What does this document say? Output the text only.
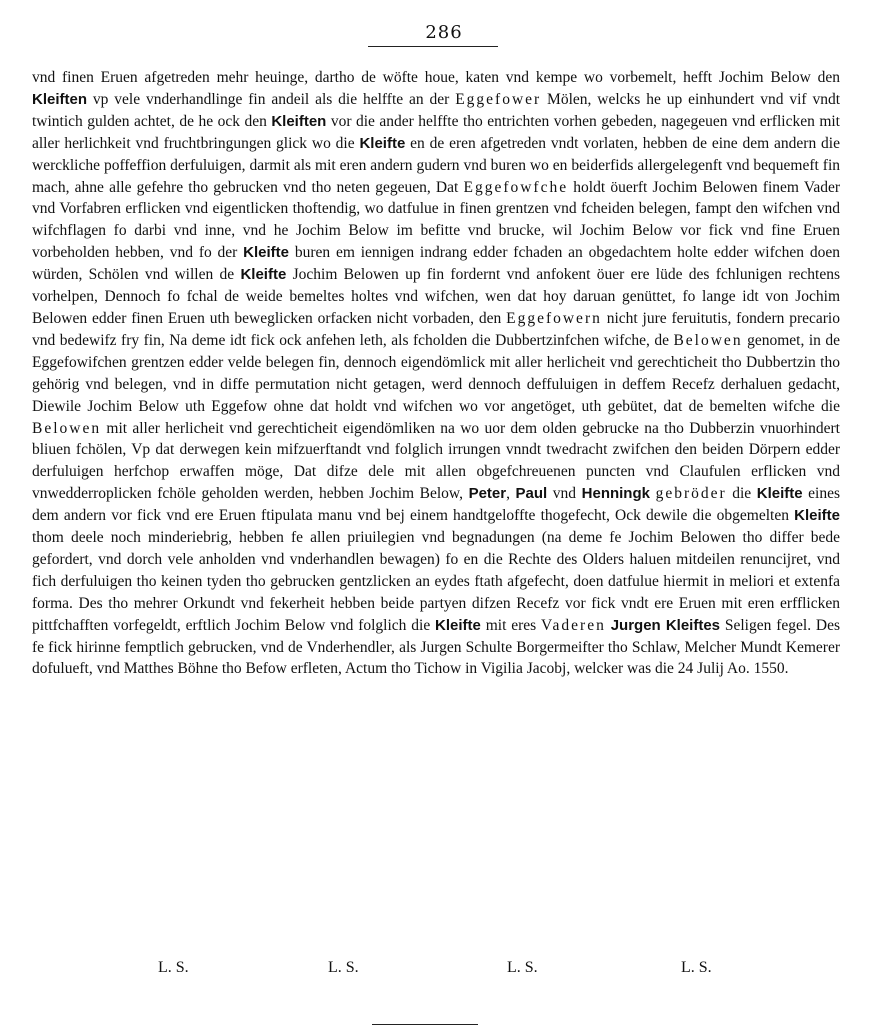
286
vnd finen Eruen afgetreden mehr heuinge, dartho de wöfte houe, katen vnd kempe wo vorbemelt, hefft Jochim Below den Kleiften vp vele vnderhandlinge fin andeil als die helffte an der Eggefower Mölen, welcks he up einhundert vnd vif vndt twintich gulden achtet, de he ock den Kleiften vor die ander helffte tho entrichten vorhen gebeden, nagegeuen vnd erflicken mit aller herlichkeit vnd fruchtbringungen glick wo die Kleifte en de eren afgetreden vndt vorlaten, hebben de eine dem andern die werckliche poffeffion derfuluigen, darmit als mit eren andern gudern vnd buren wo en beiderfids allergelegenft vnd bequemeft fin mach, ahne alle gefehre tho gebrucken vnd tho neten gegeuen, Dat Eggefowfche holdt öuerft Jochim Belowen finem Vader vnd Vorfabren erflicken vnd eigentlicken thoftendig, wo datfulue in finen grentzen vnd fcheiden belegen, fampt den wifchen vnd wifchflagen fo darbi vnd inne, vnd he Jochim Below im befitte vnd brucke, wil Jochim Below vor fick vnd fine Eruen vorbeholden hebben, vnd fo der Kleifte buren em iennigen indrang edder fchaden an obgedachtem holte edder wifchen doen würden, Schölen vnd willen de Kleifte Jochim Belowen up fin fordernt vnd anfokent öuer ere lüde des fchlunigen rechtens vorhelpen, Dennoch fo fchal de weide bemeltes holtes vnd wifchen, wen dat hoy daruan genüttet, fo lange idt von Jochim Belowen edder finen Eruen uth beweglicken orfacken nicht vorbaden, den Eggefowern nicht jure feruitutis, fondern precario vnd bedewifz fry fin, Na deme idt fick ock anfehen leth, als fcholden die Dubbertzinfchen wifche, de Belowen genomet, in de Eggefowifchen grentzen edder velde belegen fin, dennoch eigendömlick mit aller herlicheit vnd gerechticheit tho Dubbertzin tho gehörig vnd belegen, vnd in diffe permutation nicht getagen, werd dennoch deffuluigen in deffem Recefz derhaluen gedacht, Diewile Jochim Below uth Eggefow ohne dat holdt vnd wifchen wo vor angetöget, uth gebütet, dat de bemelten wifche die Belowen mit aller herlicheit vnd gerechticheit eigendömliken na wo uor dem olden gebrucke na tho Dubberzin vnuorhindert bliuen fchölen, Vp dat derwegen kein mifzuerftandt vnd folglich irrungen vnndt twedracht zwifchen den beiden Dörpern edder derfuluigen herfchop erwaffen möge, Dat difze dele mit allen obgefchreuenen puncten vnd Claufulen erflicken vnd vnwedderroplicken fchöle geholden werden, hebben Jochim Below, Peter, Paul vnd Henningk gebröder die Kleifte eines dem andern vor fick vnd ere Eruen ftipulata manu vnd bej einem handtgeloffte thogefecht, Ock dewile die obgemelten Kleifte thom deele noch minderiebrig, hebben fe allen priuilegien vnd begnadungen (na deme fe Jochim Belowen tho differ bede gefordert, vnd dorch vele anholden vnd vnderhandlen bewagen) fo en die Rechte des Olders haluen mitdeilen renuncijret, vnd fich derfuluigen tho keinen tyden tho gebrucken gentzlicken an eydes ftath afgefecht, doen datfulue hiermit in meliori et extenfa forma. Des tho mehrer Orkundt vnd fekerheit hebben beide partyen difzen Recefz vor fick vndt ere Eruen mit eren erfflicken pittfchafften vorfegeldt, erftlich Jochim Below vnd folglich die Kleifte mit eres Vaderen Jurgen Kleiftes Seligen fegel. Des fe fick hirinne femptlich gebrucken, vnd de Vnderhendler, als Jurgen Schulte Borgermeifter tho Schlaw, Melcher Mundt Kemerer dofulueft, vnd Matthes Böhne tho Befow erfleten, Actum tho Tichow in Vigilia Jacobj, welcker was die 24 Julij Ao. 1550.
L. S.	L. S.	L. S.	L. S.
